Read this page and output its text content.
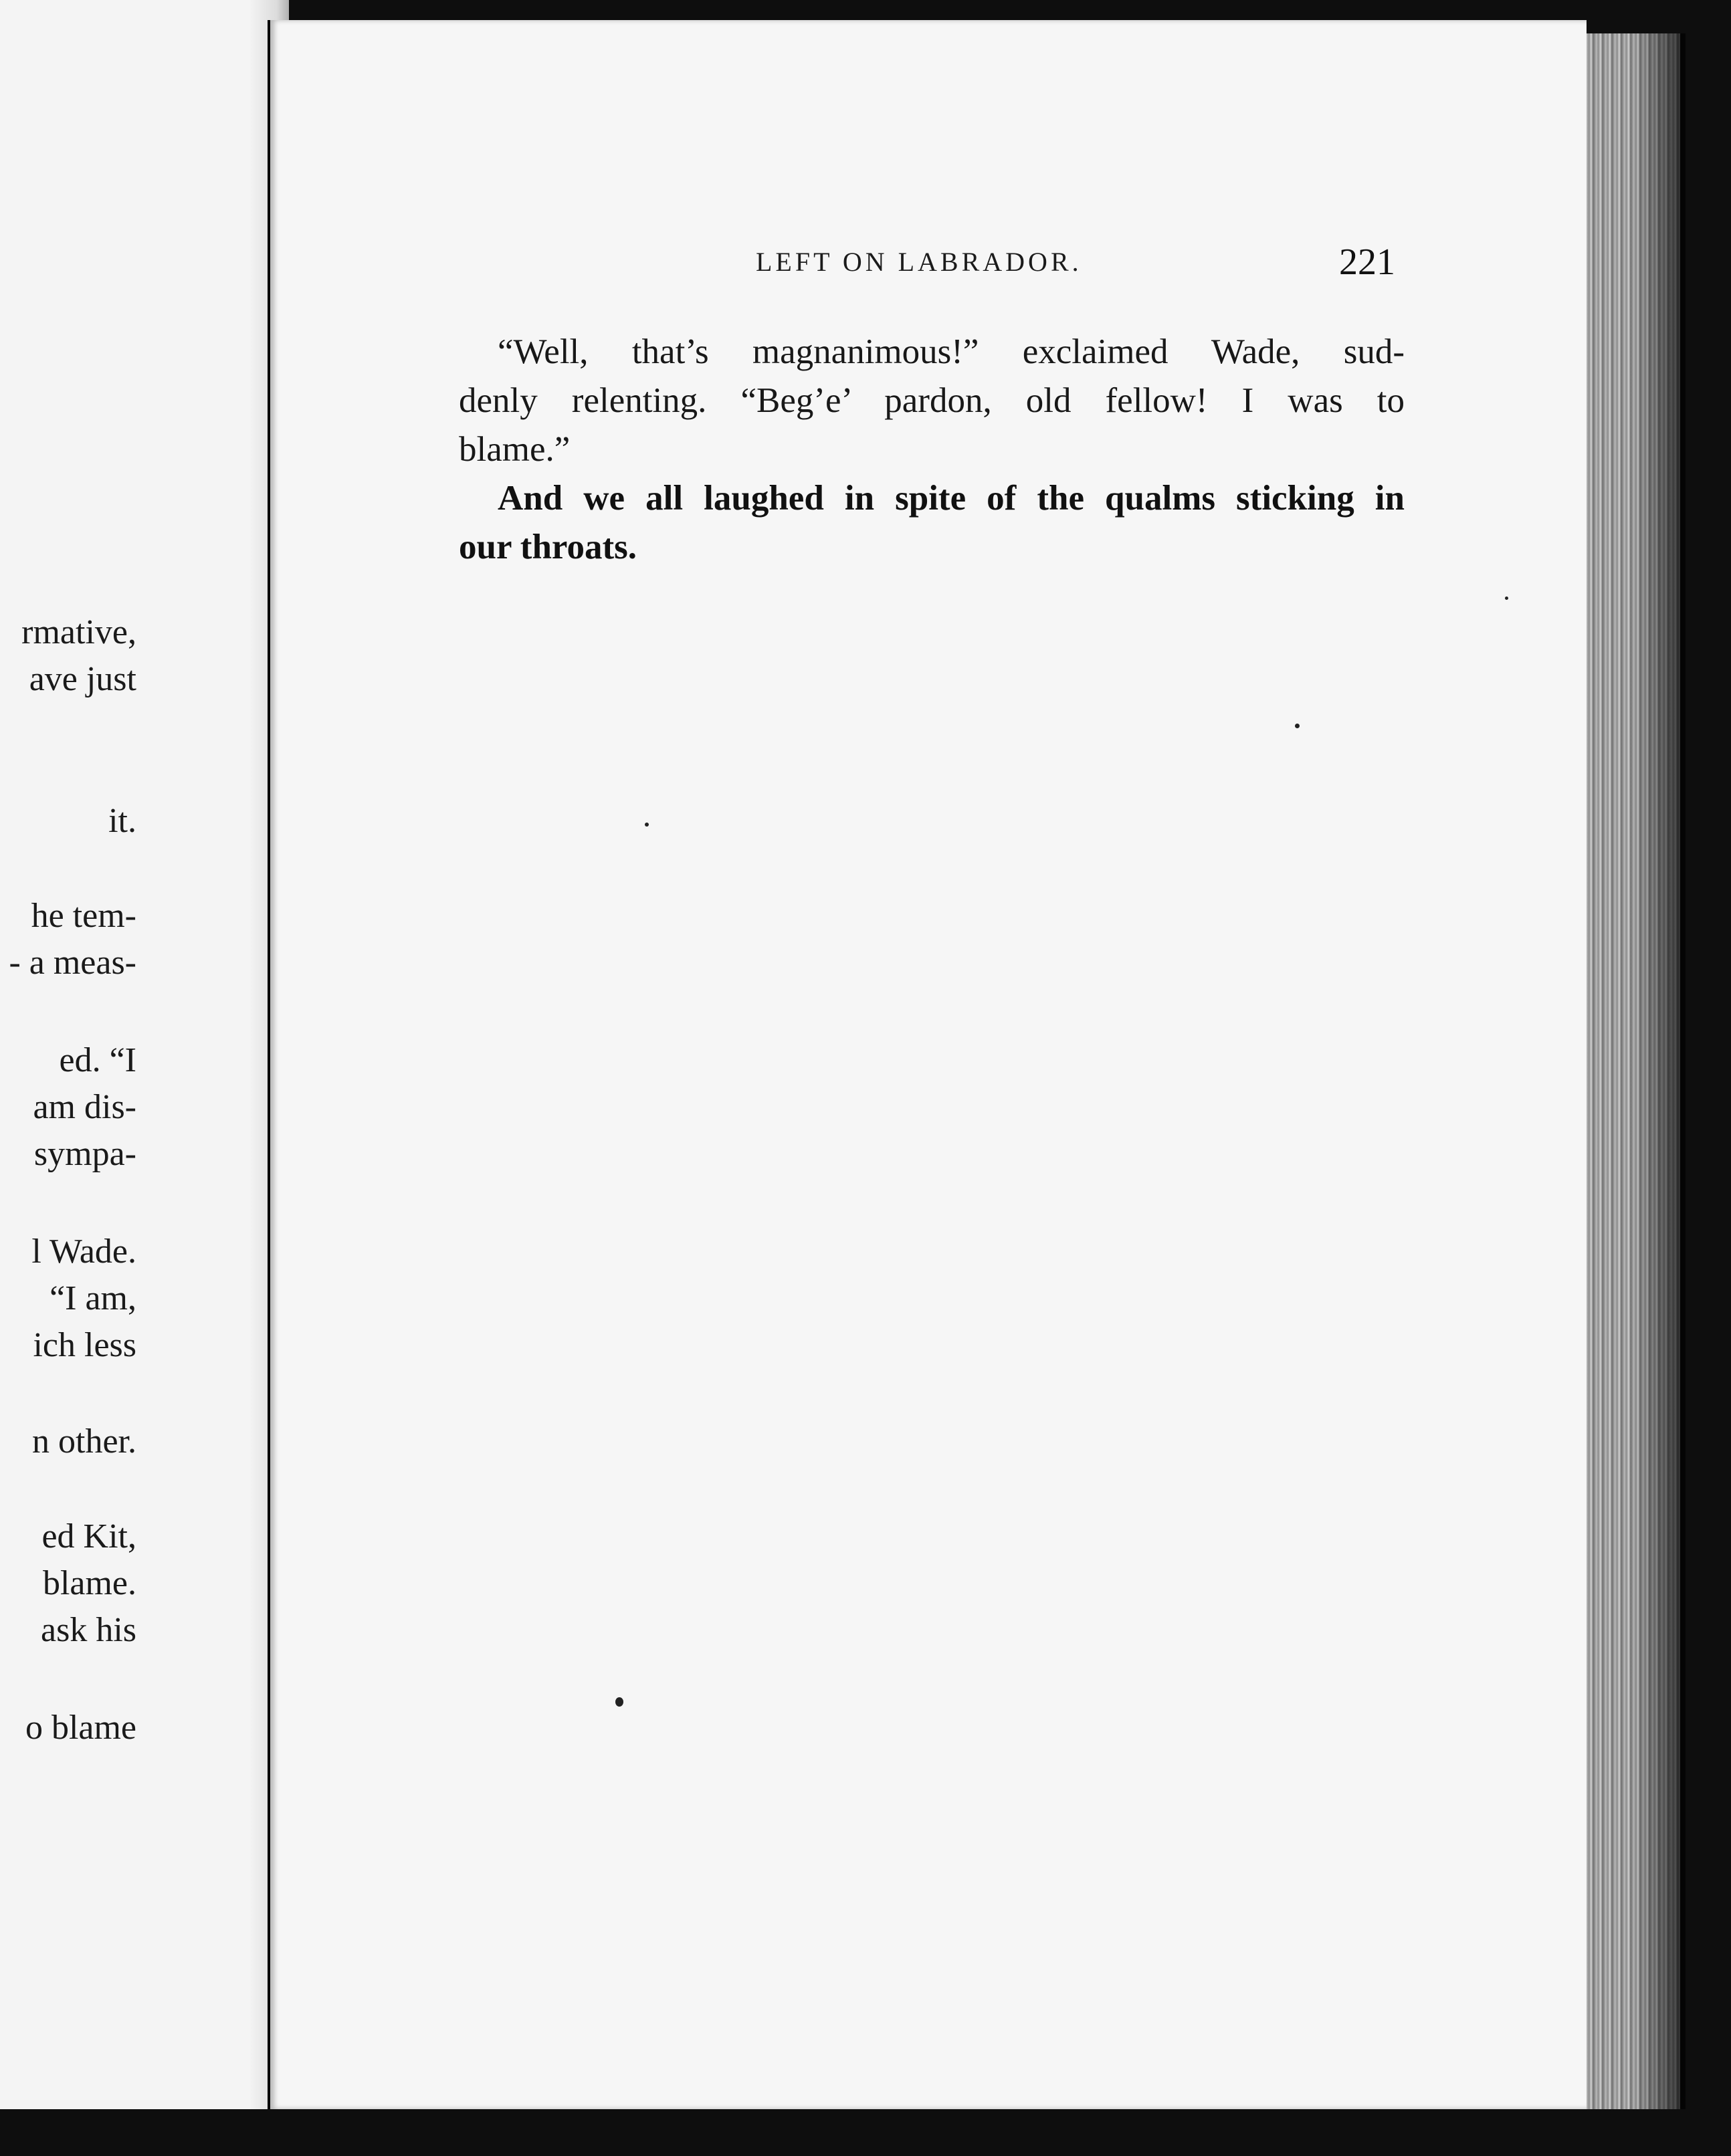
rmative,

ave just

it.

he tem-

- a meas-

ed. “I

am dis-

sympa-

l Wade.

“I am,

ich less

n other.

ed Kit,

blame.

ask his

o blame

LEFT ON LABRADOR.	221

“Well, that’s magnanimous!” exclaimed Wade, sud-
denly relenting. “Beg’e’ pardon, old fellow! I was to
blame.”
And we all laughed in spite of the qualms sticking in
our throats.
